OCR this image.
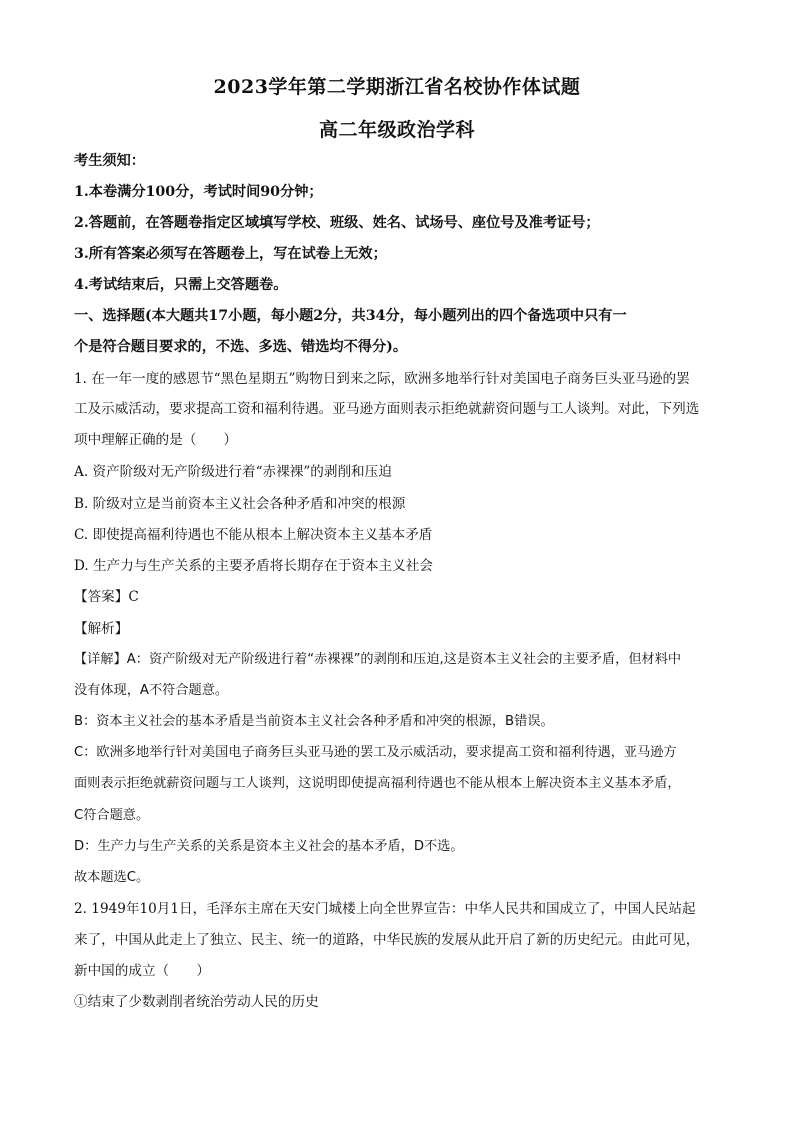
2023学年第二学期浙江省名校协作体试题
高二年级政治学科
考生须知：
1.本卷满分100分，考试时间90分钟；
2.答题前，在答题卷指定区域填写学校、班级、姓名、试场号、座位号及准考证号；
3.所有答案必须写在答题卷上，写在试卷上无效；
4.考试结束后，只需上交答题卷。
一、选择题(本大题共17小题，每小题2分，共34分，每小题列出的四个备选项中只有一
个是符合题目要求的，不选、多选、错选均不得分)。
1. 在一年一度的感恩节“黑色星期五”购物日到来之际，欧洲多地举行针对美国电子商务巨头亚马逊的罢
工及示威活动，要求提高工资和福利待遇。亚马逊方面则表示拒绝就薪资问题与工人谈判。对此，下列选
项中理解正确的是（　　）
A. 资产阶级对无产阶级进行着“赤裸裸”的剥削和压迫
B. 阶级对立是当前资本主义社会各种矛盾和冲突的根源
C. 即使提高福利待遇也不能从根本上解决资本主义基本矛盾
D. 生产力与生产关系的主要矛盾将长期存在于资本主义社会
【答案】C
【解析】
【详解】A：资产阶级对无产阶级进行着“赤裸裸”的剥削和压迫,这是资本主义社会的主要矛盾，但材料中
没有体现，A不符合题意。
B：资本主义社会的基本矛盾是当前资本主义社会各种矛盾和冲突的根源，B错误。
C：欧洲多地举行针对美国电子商务巨头亚马逊的罢工及示威活动，要求提高工资和福利待遇，亚马逊方
面则表示拒绝就薪资问题与工人谈判，这说明即使提高福利待遇也不能从根本上解决资本主义基本矛盾，
C符合题意。
D：生产力与生产关系的关系是资本主义社会的基本矛盾，D不选。
故本题选C。
2. 1949年10月1日，毛泽东主席在天安门城楼上向全世界宣告：中华人民共和国成立了，中国人民站起
来了，中国从此走上了独立、民主、统一的道路，中华民族的发展从此开启了新的历史纪元。由此可见，
新中国的成立（　　）
①结束了少数剥削者统治劳动人民的历史
